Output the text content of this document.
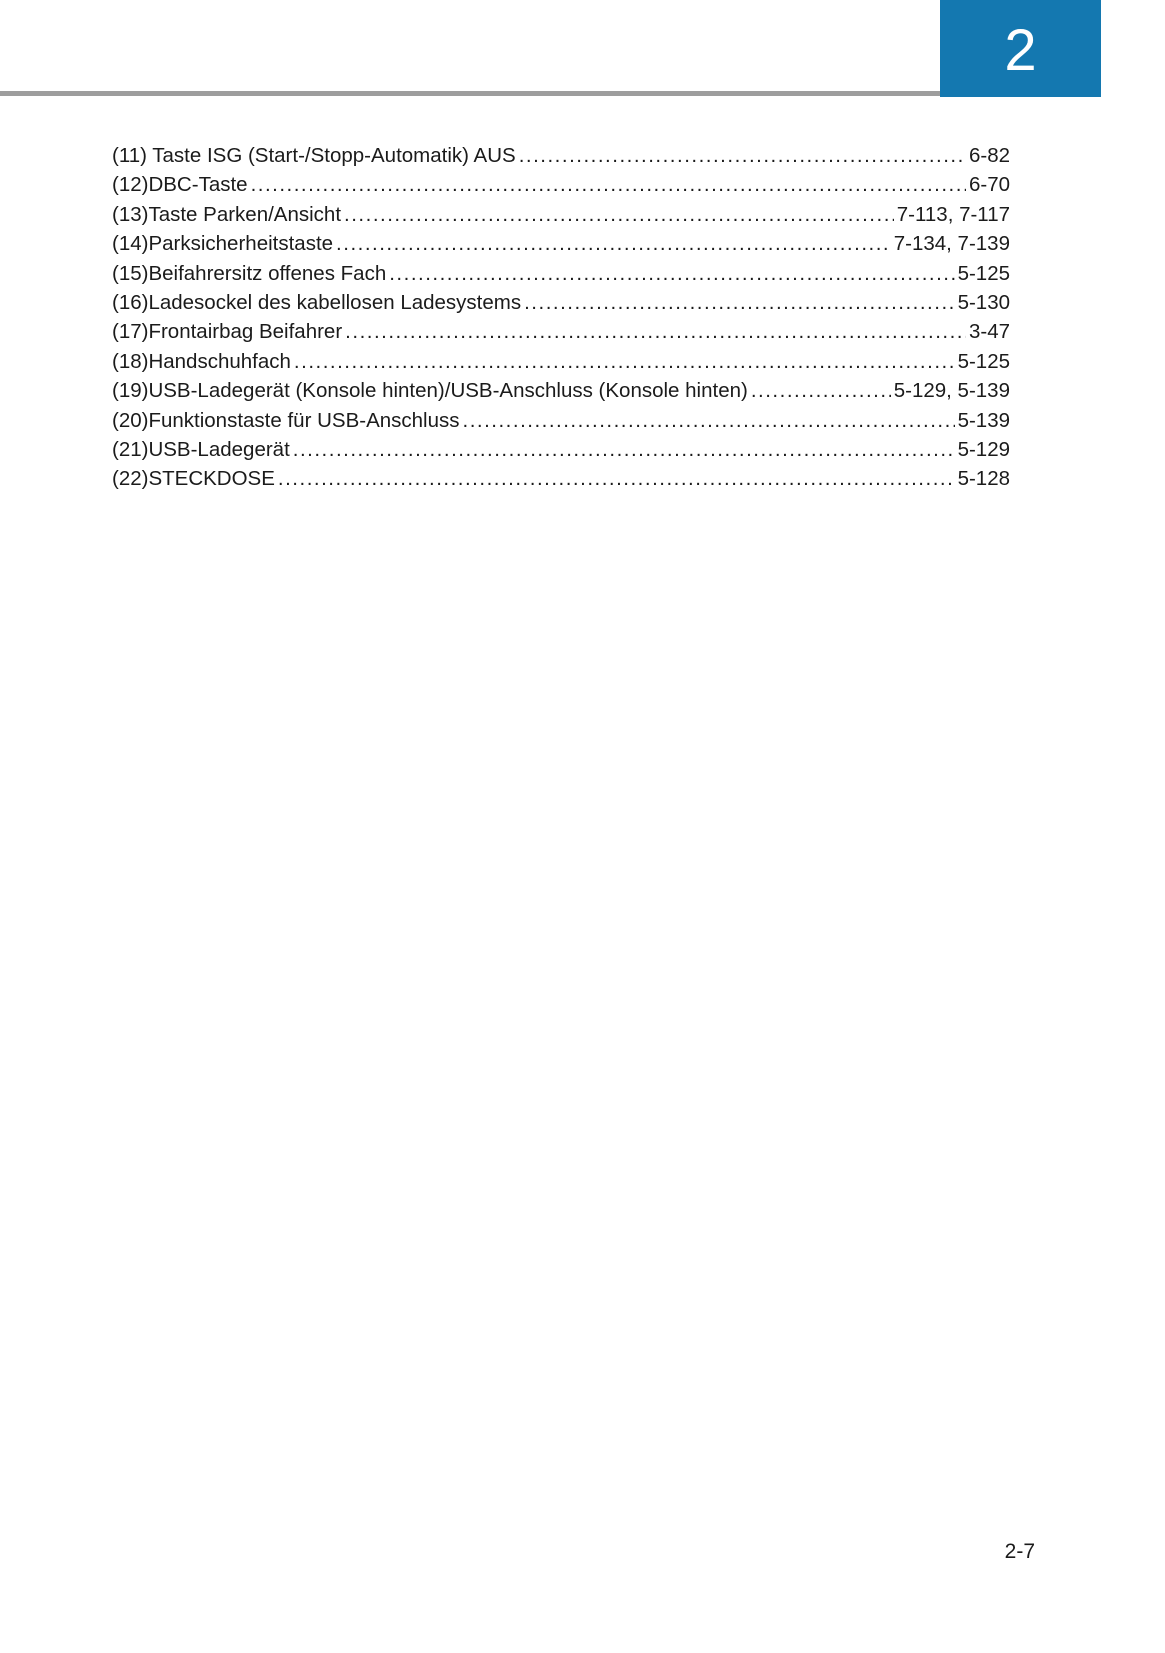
2
(11) Taste ISG (Start-/Stopp-Automatik) AUS .....	6-82
(12)DBC-Taste .....	6-70
(13)Taste Parken/Ansicht .....	7-113, 7-117
(14)Parksicherheitstaste .....	7-134, 7-139
(15)Beifahrersitz offenes Fach .....	5-125
(16)Ladesockel des kabellosen Ladesystems .....	5-130
(17)Frontairbag Beifahrer .....	3-47
(18)Handschuhfach .....	5-125
(19)USB-Ladegerät (Konsole hinten)/USB-Anschluss (Konsole hinten) .....	5-129, 5-139
(20)Funktionstaste für USB-Anschluss .....	5-139
(21)USB-Ladegerät .....	5-129
(22)STECKDOSE .....	5-128
2-7
